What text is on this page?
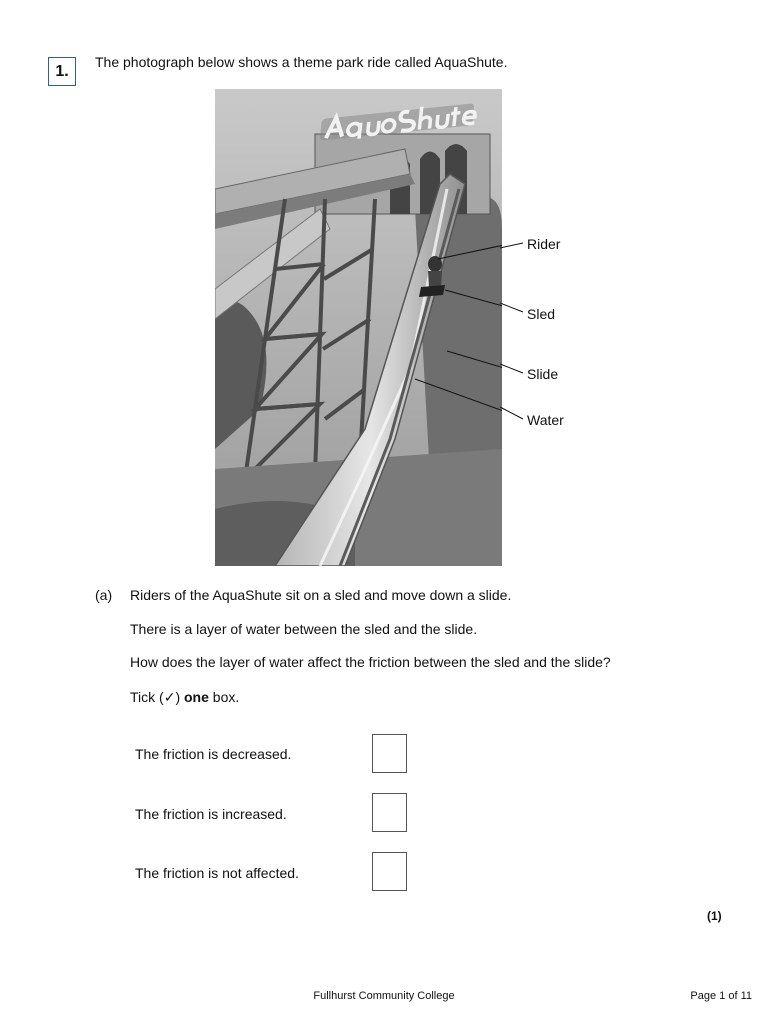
1.
The photograph below shows a theme park ride called AquaShute.
Rider
Sled
Slide
Water
(a) Riders of the AquaShute sit on a sled and move down a slide.
There is a layer of water between the sled and the slide.
How does the layer of water affect the friction between the sled and the slide?
Tick (✓) one box.
The friction is decreased.
The friction is increased.
The friction is not affected.
(1)
Fullhurst Community College	Page 1 of 11
